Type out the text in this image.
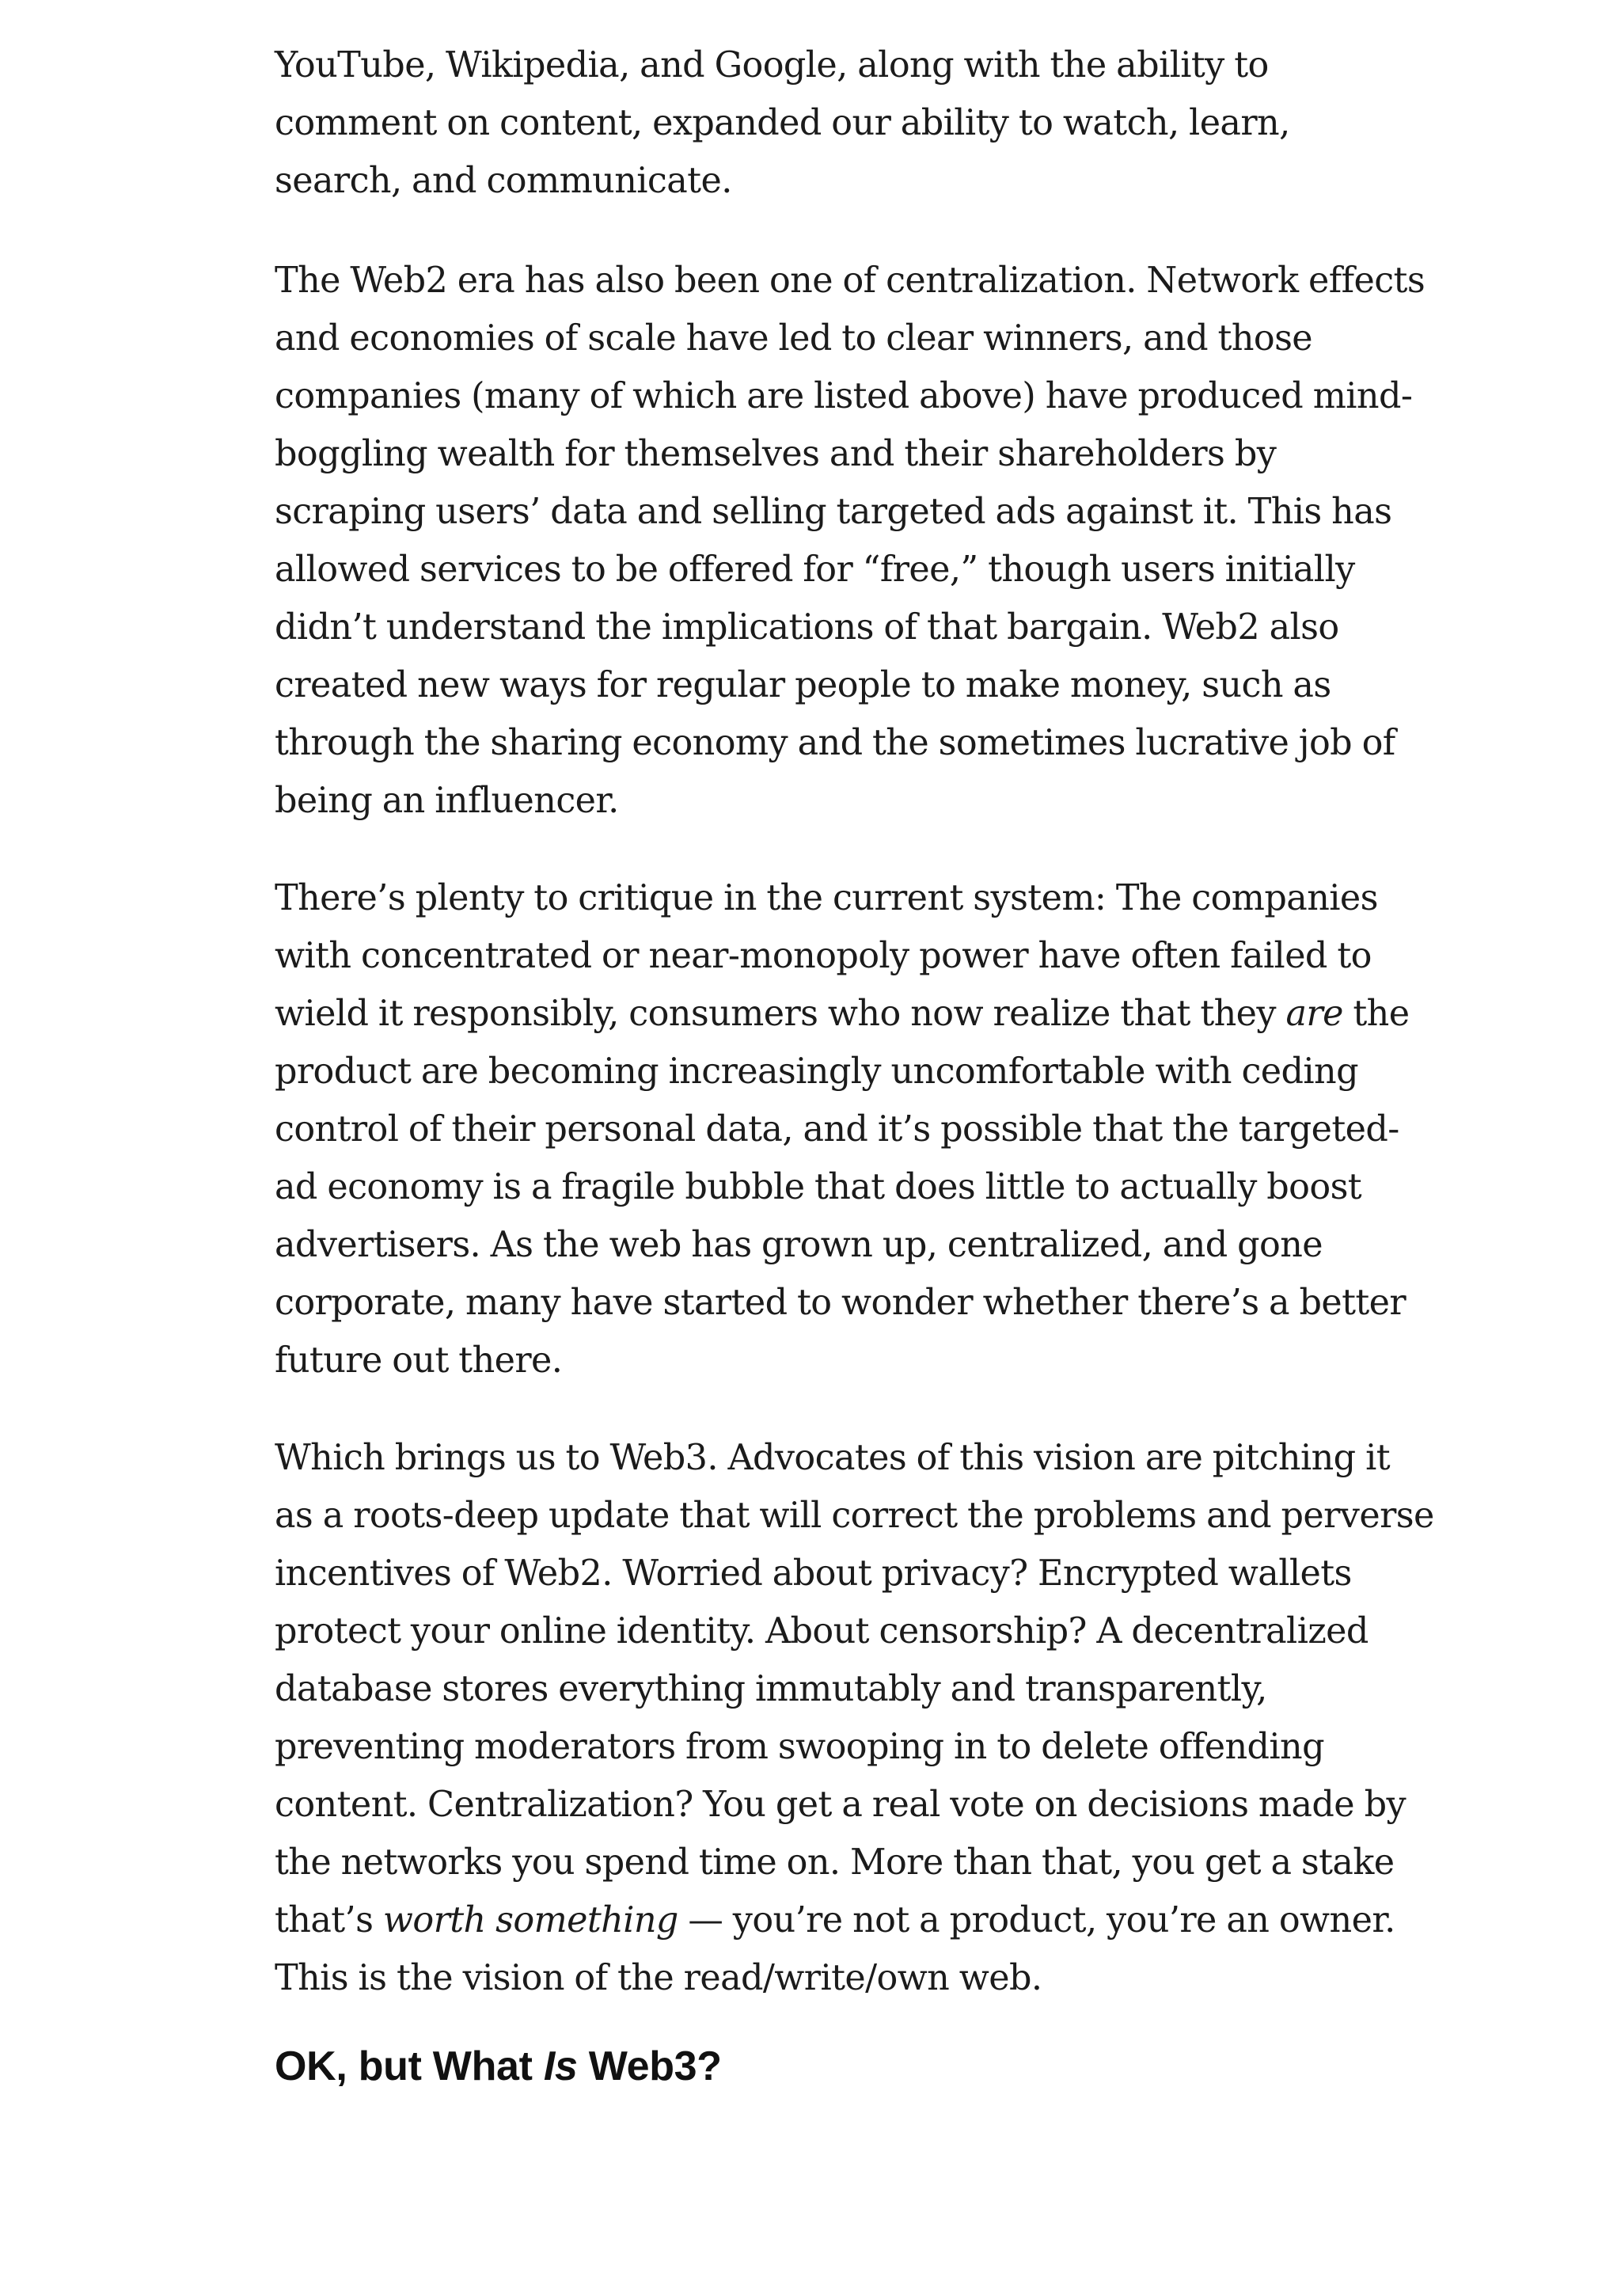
YouTube, Wikipedia, and Google, along with the ability to
comment on content, expanded our ability to watch, learn,
search, and communicate.

The Web2 era has also been one of centralization. Network effects
and economies of scale have led to clear winners, and those
companies (many of which are listed above) have produced mind-
boggling wealth for themselves and their shareholders by
scraping users’ data and selling targeted ads against it. This has
allowed services to be offered for “free,” though users initially
didn’t understand the implications of that bargain. Web2 also
created new ways for regular people to make money, such as
through the sharing economy and the sometimes lucrative job of
being an influencer.

There’s plenty to critique in the current system: The companies
with concentrated or near-monopoly power have often failed to
wield it responsibly, consumers who now realize that they are the
product are becoming increasingly uncomfortable with ceding
control of their personal data, and it’s possible that the targeted-
ad economy is a fragile bubble that does little to actually boost
advertisers. As the web has grown up, centralized, and gone
corporate, many have started to wonder whether there’s a better
future out there.

Which brings us to Web3. Advocates of this vision are pitching it
as a roots-deep update that will correct the problems and perverse
incentives of Web2. Worried about privacy? Encrypted wallets
protect your online identity. About censorship? A decentralized
database stores everything immutably and transparently,
preventing moderators from swooping in to delete offending
content. Centralization? You get a real vote on decisions made by
the networks you spend time on. More than that, you get a stake
that’s worth something — you’re not a product, you’re an owner.
This is the vision of the read/write/own web.

OK, but What Is Web3?
